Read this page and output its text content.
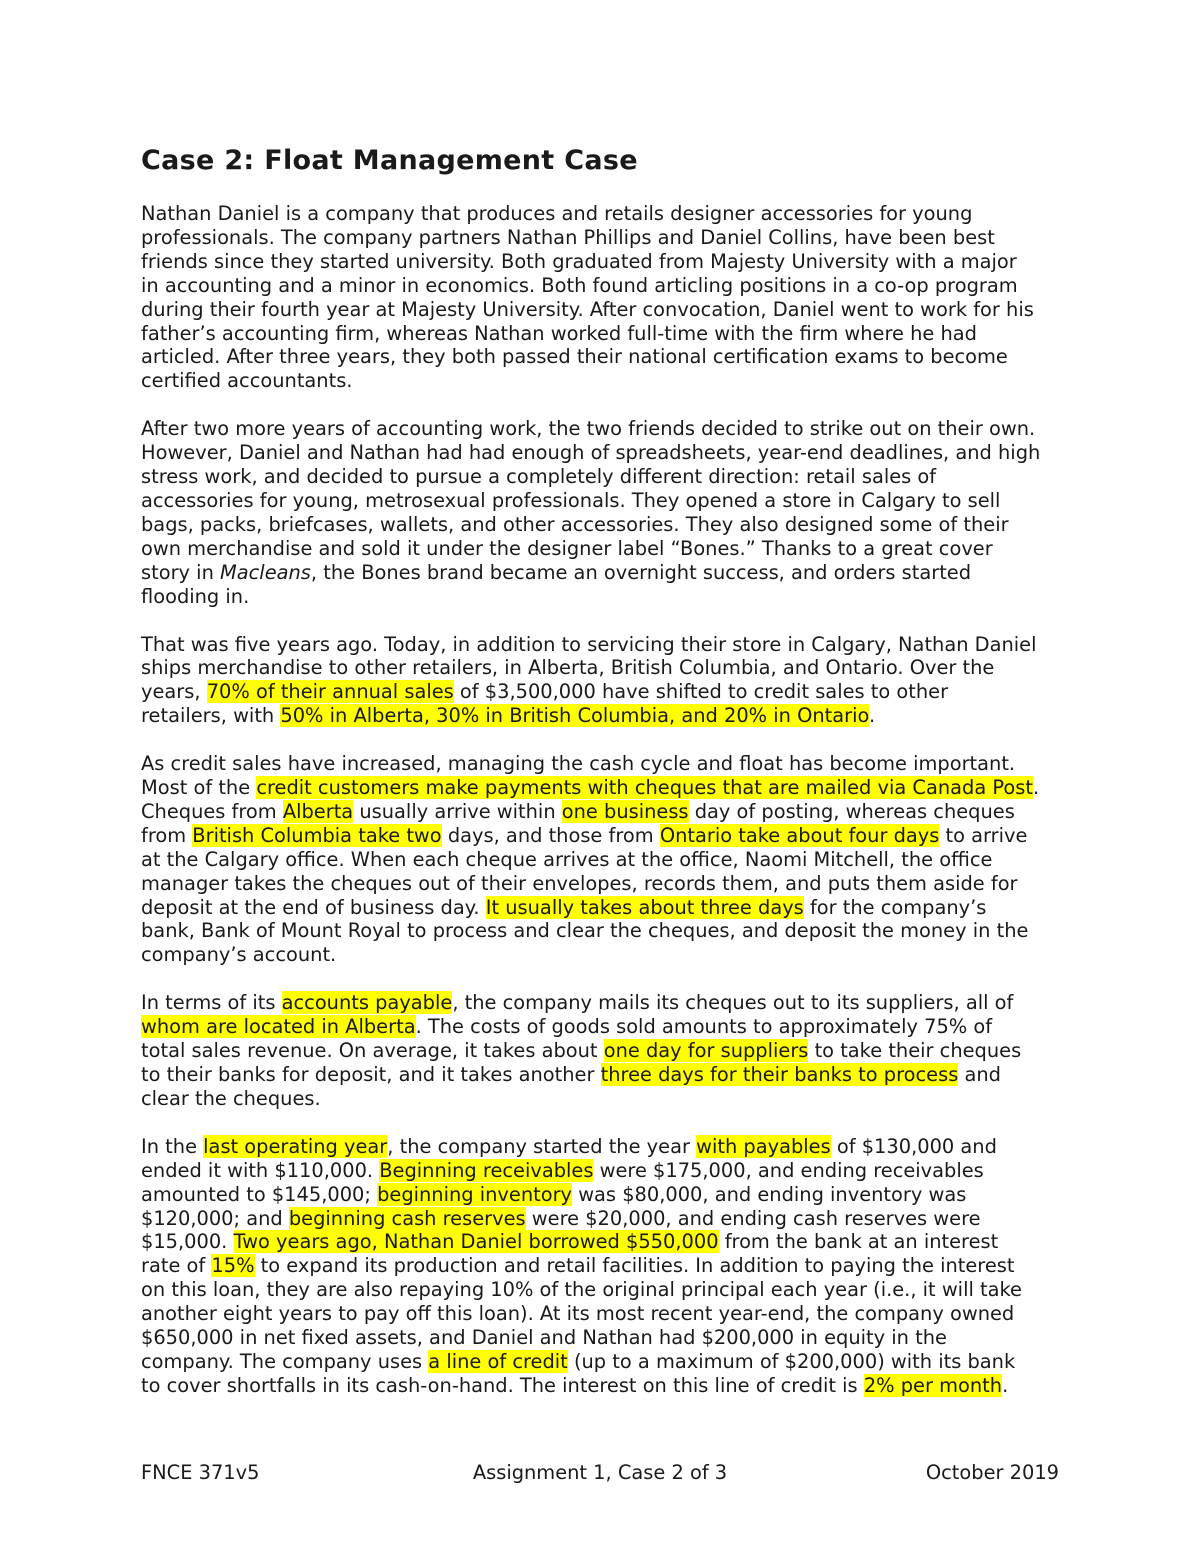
Case 2: Float Management Case

Nathan Daniel is a company that produces and retails designer accessories for young
professionals. The company partners Nathan Phillips and Daniel Collins, have been best
friends since they started university. Both graduated from Majesty University with a major
in accounting and a minor in economics. Both found articling positions in a co-op program
during their fourth year at Majesty University. After convocation, Daniel went to work for his
father’s accounting firm, whereas Nathan worked full-time with the firm where he had
articled. After three years, they both passed their national certification exams to become
certified accountants.

After two more years of accounting work, the two friends decided to strike out on their own.
However, Daniel and Nathan had had enough of spreadsheets, year-end deadlines, and high
stress work, and decided to pursue a completely different direction: retail sales of
accessories for young, metrosexual professionals. They opened a store in Calgary to sell
bags, packs, briefcases, wallets, and other accessories. They also designed some of their
own merchandise and sold it under the designer label “Bones.” Thanks to a great cover
story in Macleans, the Bones brand became an overnight success, and orders started
flooding in.

That was five years ago. Today, in addition to servicing their store in Calgary, Nathan Daniel
ships merchandise to other retailers, in Alberta, British Columbia, and Ontario. Over the
years, 70% of their annual sales of $3,500,000 have shifted to credit sales to other
retailers, with 50% in Alberta, 30% in British Columbia, and 20% in Ontario.

As credit sales have increased, managing the cash cycle and float has become important.
Most of the credit customers make payments with cheques that are mailed via Canada Post.
Cheques from Alberta usually arrive within one business day of posting, whereas cheques
from British Columbia take two days, and those from Ontario take about four days to arrive
at the Calgary office. When each cheque arrives at the office, Naomi Mitchell, the office
manager takes the cheques out of their envelopes, records them, and puts them aside for
deposit at the end of business day. It usually takes about three days for the company’s
bank, Bank of Mount Royal to process and clear the cheques, and deposit the money in the
company’s account.

In terms of its accounts payable, the company mails its cheques out to its suppliers, all of
whom are located in Alberta. The costs of goods sold amounts to approximately 75% of
total sales revenue. On average, it takes about one day for suppliers to take their cheques
to their banks for deposit, and it takes another three days for their banks to process and
clear the cheques.

In the last operating year, the company started the year with payables of $130,000 and
ended it with $110,000. Beginning receivables were $175,000, and ending receivables
amounted to $145,000; beginning inventory was $80,000, and ending inventory was
$120,000; and beginning cash reserves were $20,000, and ending cash reserves were
$15,000. Two years ago, Nathan Daniel borrowed $550,000 from the bank at an interest
rate of 15% to expand its production and retail facilities. In addition to paying the interest
on this loan, they are also repaying 10% of the original principal each year (i.e., it will take
another eight years to pay off this loan). At its most recent year-end, the company owned
$650,000 in net fixed assets, and Daniel and Nathan had $200,000 in equity in the
company. The company uses a line of credit (up to a maximum of $200,000) with its bank
to cover shortfalls in its cash-on-hand. The interest on this line of credit is 2% per month.

FNCE 371v5	Assignment 1, Case 2 of 3	October 2019
